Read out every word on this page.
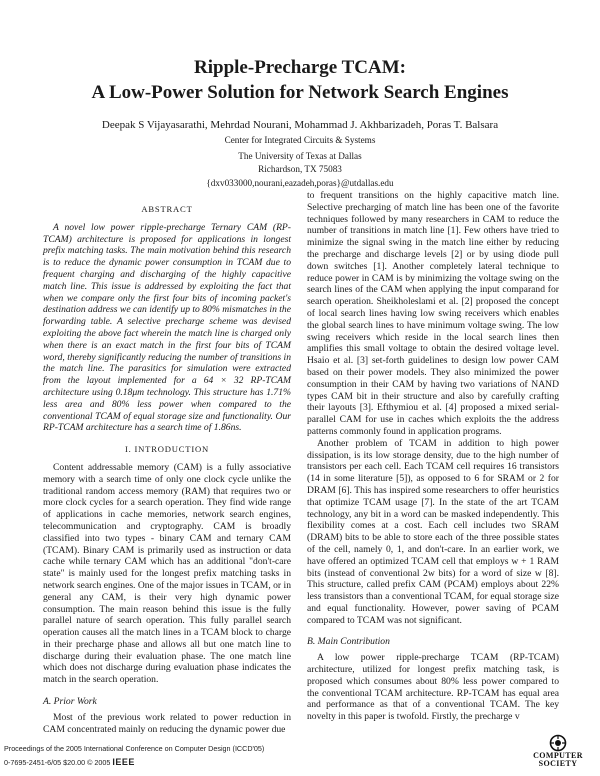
Ripple-Precharge TCAM:
A Low-Power Solution for Network Search Engines
Deepak S Vijayasarathi, Mehrdad Nourani, Mohammad J. Akhbarizadeh, Poras T. Balsara
Center for Integrated Circuits & Systems
The University of Texas at Dallas
Richardson, TX 75083
{dxv033000,nourani,eazadeh,poras}@utdallas.edu
ABSTRACT

A novel low power ripple-precharge Ternary CAM (RP-TCAM) architecture is proposed for applications in longest prefix matching tasks. The main motivation behind this research is to reduce the dynamic power consumption in TCAM due to frequent charging and discharging of the highly capacitive match line. This issue is addressed by exploiting the fact that when we compare only the first four bits of incoming packet's destination address we can identify up to 80% mismatches in the forwarding table. A selective precharge scheme was devised exploiting the above fact wherein the match line is charged only when there is an exact match in the first four bits of TCAM word, thereby significantly reducing the number of transitions in the match line. The parasitics for simulation were extracted from the layout implemented for a 64 × 32 RP-TCAM architecture using 0.18μm technology. This structure has 1.71% less area and 80% less power when compared to the conventional TCAM of equal storage size and functionality. Our RP-TCAM architecture has a search time of 1.86ns.

I. INTRODUCTION

Content addressable memory (CAM) is a fully associative memory with a search time of only one clock cycle unlike the traditional random access memory (RAM) that requires two or more clock cycles for a search operation. They find wide range of applications in cache memories, network search engines, telecommunication and cryptography. CAM is broadly classified into two types - binary CAM and ternary CAM (TCAM). Binary CAM is primarily used as instruction or data cache while ternary CAM which has an additional "don't-care state" is mainly used for the longest prefix matching tasks in network search engines. One of the major issues in TCAM, or in general any CAM, is their very high dynamic power consumption. The main reason behind this issue is the fully parallel nature of search operation. This fully parallel search operation causes all the match lines in a TCAM block to charge in their precharge phase and allows all but one match line to discharge during their evaluation phase. The one match line which does not discharge during evaluation phase indicates the match in the search operation.

A. Prior Work

Most of the previous work related to power reduction in CAM concentrated mainly on reducing the dynamic power due

to frequent transitions on the highly capacitive match line. Selective precharging of match line has been one of the favorite techniques followed by many researchers in CAM to reduce the number of transitions in match line [1]. Few others have tried to minimize the signal swing in the match line either by reducing the precharge and discharge levels [2] or by using diode pull down switches [1]. Another completely lateral technique to reduce power in CAM is by minimizing the voltage swing on the search lines of the CAM when applying the input comparand for search operation. Sheikholeslami et al. [2] proposed the concept of local search lines having low swing receivers which enables the global search lines to have minimum voltage swing. The low swing receivers which reside in the local search lines then amplifies this small voltage to obtain the desired voltage level. Hsaio et al. [3] set-forth guidelines to design low power CAM based on their power models. They also minimized the power consumption in their CAM by having two variations of NAND types CAM bit in their structure and also by carefully crafting their layouts [3]. Efthymiou et al. [4] proposed a mixed serial-parallel CAM for use in caches which exploits the the address patterns commonly found in application programs.

Another problem of TCAM in addition to high power dissipation, is its low storage density, due to the high number of transistors per each cell. Each TCAM cell requires 16 transistors (14 in some literature [5]), as opposed to 6 for SRAM or 2 for DRAM [6]. This has inspired some researchers to offer heuristics that optimize TCAM usage [7]. In the state of the art TCAM technology, any bit in a word can be masked independently. This flexibility comes at a cost. Each cell includes two SRAM (DRAM) bits to be able to store each of the three possible states of the cell, namely 0, 1, and don't-care. In an earlier work, we have offered an optimized TCAM cell that employs w + 1 RAM bits (instead of conventional 2w bits) for a word of size w [8]. This structure, called prefix CAM (PCAM) employs about 22% less transistors than a conventional TCAM, for equal storage size and equal functionality. However, power saving of PCAM compared to TCAM was not significant.

B. Main Contribution

A low power ripple-precharge TCAM (RP-TCAM) architecture, utilized for longest prefix matching task, is proposed which consumes about 80% less power compared to the conventional TCAM architecture. RP-TCAM has equal area and performance as that of a conventional TCAM. The key novelty in this paper is twofold. Firstly, the precharge v

Proceedings of the 2005 International Conference on Computer Design (ICCD'05)
0-7695-2451-6/05 $20.00 © 2005 IEEE
COMPUTER
SOCIETY
